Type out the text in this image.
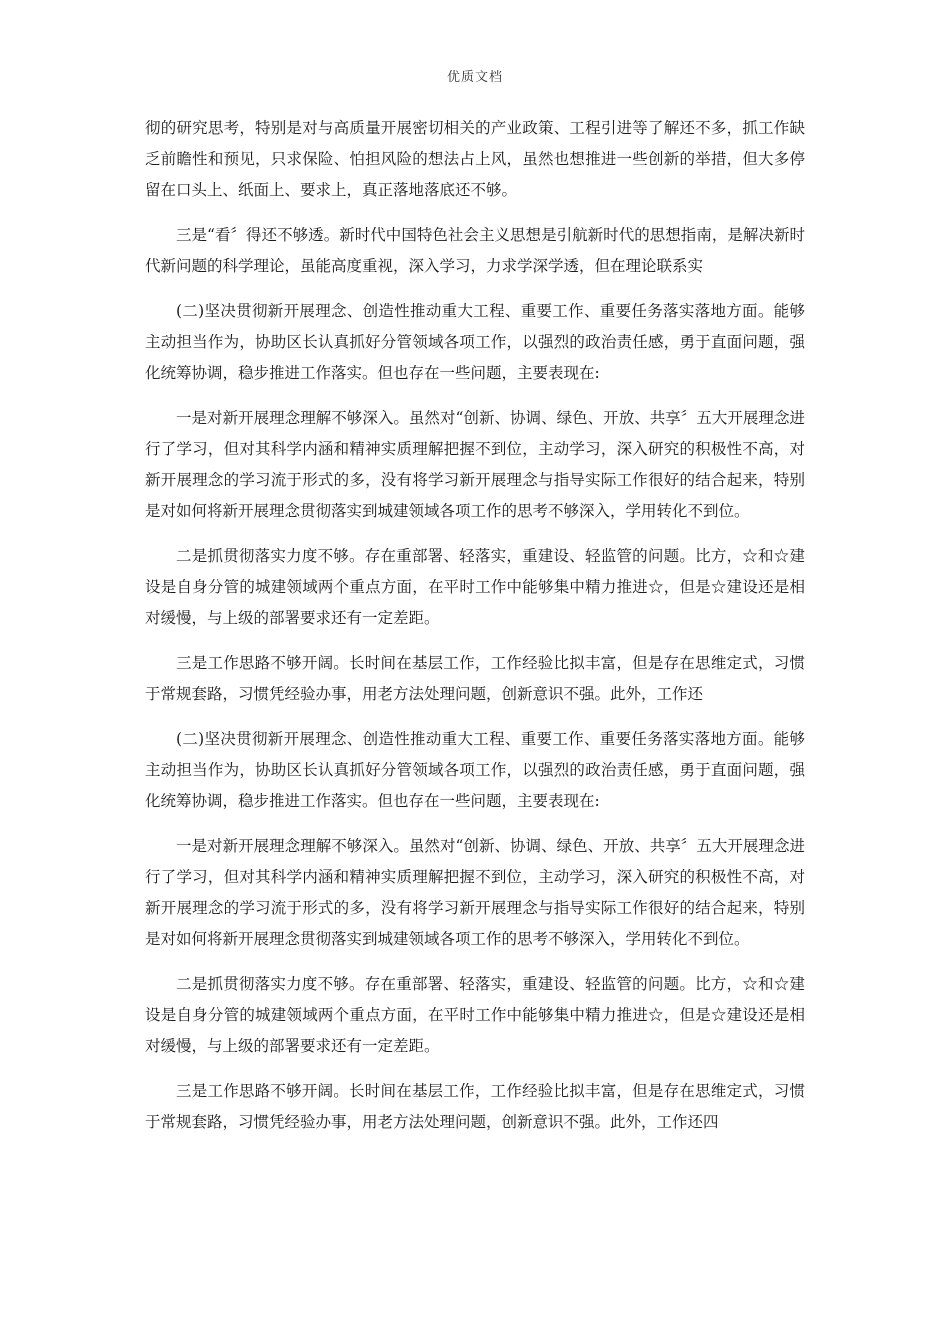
优质文档

彻的研究思考，特别是对与高质量开展密切相关的产业政策、工程引进等了解还不多，抓工作缺乏前瞻性和预见，只求保险、怕担风险的想法占上风，虽然也想推进一些创新的举措，但大多停留在口头上、纸面上、要求上，真正落地落底还不够。

三是“看〞得还不够透。新时代中国特色社会主义思想是引航新时代的思想指南，是解决新时代新问题的科学理论，虽能高度重视，深入学习，力求学深学透，但在理论联系实

(二)坚决贯彻新开展理念、创造性推动重大工程、重要工作、重要任务落实落地方面。能够主动担当作为，协助区长认真抓好分管领域各项工作，以强烈的政治责任感，勇于直面问题，强化统筹协调，稳步推进工作落实。但也存在一些问题，主要表现在:

一是对新开展理念理解不够深入。虽然对“创新、协调、绿色、开放、共享〞五大开展理念进行了学习，但对其科学内涵和精神实质理解把握不到位，主动学习，深入研究的积极性不高，对新开展理念的学习流于形式的多，没有将学习新开展理念与指导实际工作很好的结合起来，特别是对如何将新开展理念贯彻落实到城建领域各项工作的思考不够深入，学用转化不到位。

二是抓贯彻落实力度不够。存在重部署、轻落实，重建设、轻监管的问题。比方，☆和☆建设是自身分管的城建领域两个重点方面，在平时工作中能够集中精力推进☆，但是☆建设还是相对缓慢，与上级的部署要求还有一定差距。

三是工作思路不够开阔。长时间在基层工作，工作经验比拟丰富，但是存在思维定式，习惯于常规套路，习惯凭经验办事，用老方法处理问题，创新意识不强。此外，工作还

(二)坚决贯彻新开展理念、创造性推动重大工程、重要工作、重要任务落实落地方面。能够主动担当作为，协助区长认真抓好分管领域各项工作，以强烈的政治责任感，勇于直面问题，强化统筹协调，稳步推进工作落实。但也存在一些问题，主要表现在:

一是对新开展理念理解不够深入。虽然对“创新、协调、绿色、开放、共享〞五大开展理念进行了学习，但对其科学内涵和精神实质理解把握不到位，主动学习，深入研究的积极性不高，对新开展理念的学习流于形式的多，没有将学习新开展理念与指导实际工作很好的结合起来，特别是对如何将新开展理念贯彻落实到城建领域各项工作的思考不够深入，学用转化不到位。

二是抓贯彻落实力度不够。存在重部署、轻落实，重建设、轻监管的问题。比方，☆和☆建设是自身分管的城建领域两个重点方面，在平时工作中能够集中精力推进☆，但是☆建设还是相对缓慢，与上级的部署要求还有一定差距。

三是工作思路不够开阔。长时间在基层工作，工作经验比拟丰富，但是存在思维定式，习惯于常规套路，习惯凭经验办事，用老方法处理问题，创新意识不强。此外，工作还四
